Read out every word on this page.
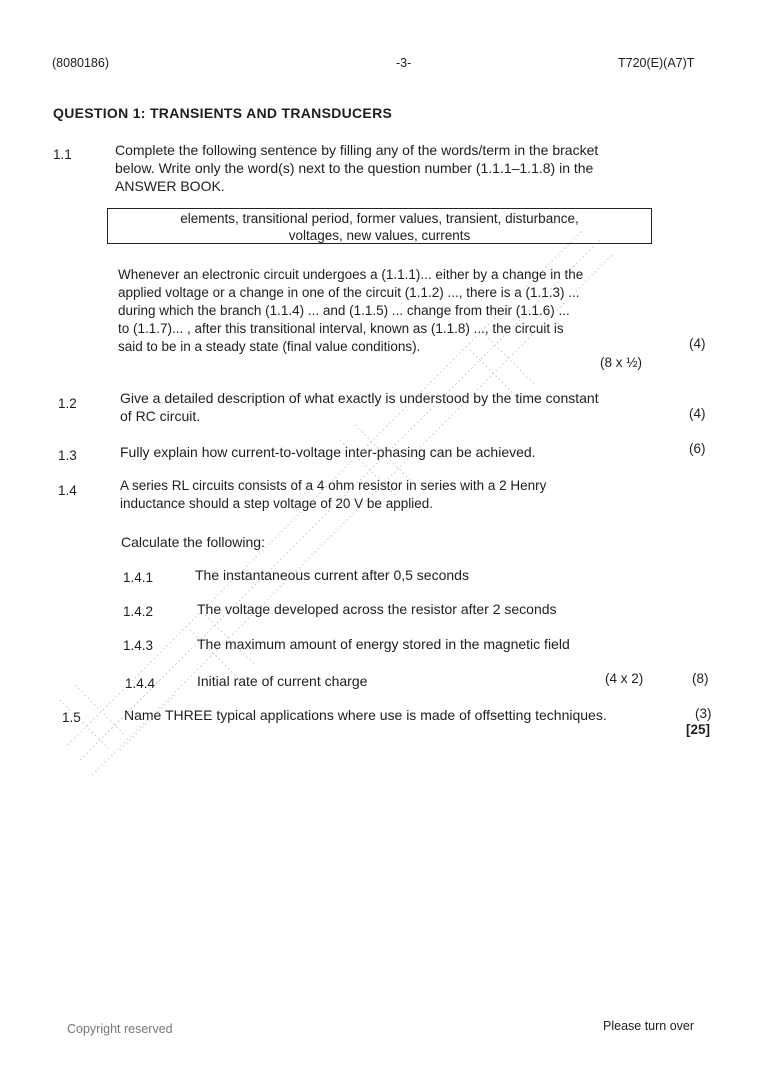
(8080186)	-3-	T720(E)(A7)T
QUESTION 1: TRANSIENTS AND TRANSDUCERS
1.1	Complete the following sentence by filling any of the words/term in the bracket
below. Write only the word(s) next to the question number (1.1.1–1.1.8) in the
ANSWER BOOK.
elements, transitional period, former values, transient, disturbance,
voltages, new values, currents
Whenever an electronic circuit undergoes a (1.1.1)... either by a change in the
applied voltage or a change in one of the circuit (1.1.2) ..., there is a (1.1.3) ...
during which the branch (1.1.4) ... and (1.1.5) ... change from their (1.1.6) ...
to (1.1.7)... , after this transitional interval, known as (1.1.8) ..., the circuit is
said to be in a steady state (final value conditions).
(8 x ½)
(4)
1.2	Give a detailed description of what exactly is understood by the time constant
of RC circuit.	(4)
1.3	Fully explain how current-to-voltage inter-phasing can be achieved.	(6)
1.4	A series RL circuits consists of a 4 ohm resistor in series with a 2 Henry
inductance should a step voltage of 20 V be applied.
Calculate the following:
1.4.1	The instantaneous current after 0,5 seconds
1.4.2	The voltage developed across the resistor after 2 seconds
1.4.3	The maximum amount of energy stored in the magnetic field
1.4.4	Initial rate of current charge	(4 x 2)	(8)
1.5	Name THREE typical applications where use is made of offsetting techniques.	(3)
[25]
Copyright reserved	Please turn over
